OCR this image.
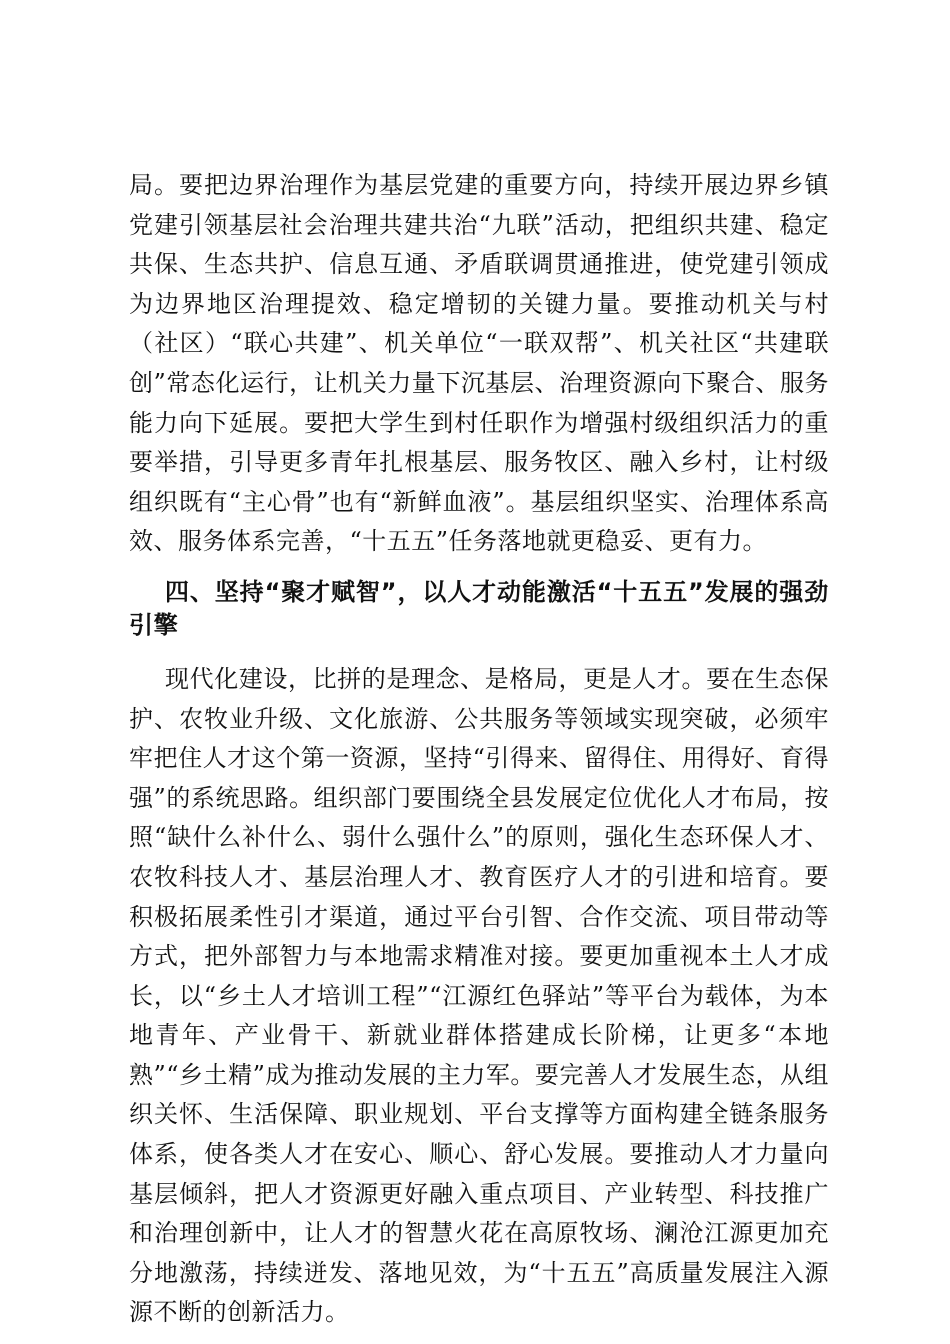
局。要把边界治理作为基层党建的重要方向，持续开展边界乡镇党建引领基层社会治理共建共治“九联”活动，把组织共建、稳定共保、生态共护、信息互通、矛盾联调贯通推进，使党建引领成为边界地区治理提效、稳定增韧的关键力量。要推动机关与村（社区）“联心共建”、机关单位“一联双帮”、机关社区“共建联创”常态化运行，让机关力量下沉基层、治理资源向下聚合、服务能力向下延展。要把大学生到村任职作为增强村级组织活力的重要举措，引导更多青年扎根基层、服务牧区、融入乡村，让村级组织既有“主心骨”也有“新鲜血液”。基层组织坚实、治理体系高效、服务体系完善，“十五五”任务落地就更稳妥、更有力。

四、坚持“聚才赋智”，以人才动能激活“十五五”发展的强劲引擎

现代化建设，比拼的是理念、是格局，更是人才。要在生态保护、农牧业升级、文化旅游、公共服务等领域实现突破，必须牢牢把住人才这个第一资源，坚持“引得来、留得住、用得好、育得强”的系统思路。组织部门要围绕全县发展定位优化人才布局，按照“缺什么补什么、弱什么强什么”的原则，强化生态环保人才、农牧科技人才、基层治理人才、教育医疗人才的引进和培育。要积极拓展柔性引才渠道，通过平台引智、合作交流、项目带动等方式，把外部智力与本地需求精准对接。要更加重视本土人才成长，以“乡土人才培训工程”“江源红色驿站”等平台为载体，为本地青年、产业骨干、新就业群体搭建成长阶梯，让更多“本地熟”“乡土精”成为推动发展的主力军。要完善人才发展生态，从组织关怀、生活保障、职业规划、平台支撑等方面构建全链条服务体系，使各类人才在安心、顺心、舒心发展。要推动人才力量向基层倾斜，把人才资源更好融入重点项目、产业转型、科技推广和治理创新中，让人才的智慧火花在高原牧场、澜沧江源更加充分地激荡，持续迸发、落地见效，为“十五五”高质量发展注入源源不断的创新活力。
